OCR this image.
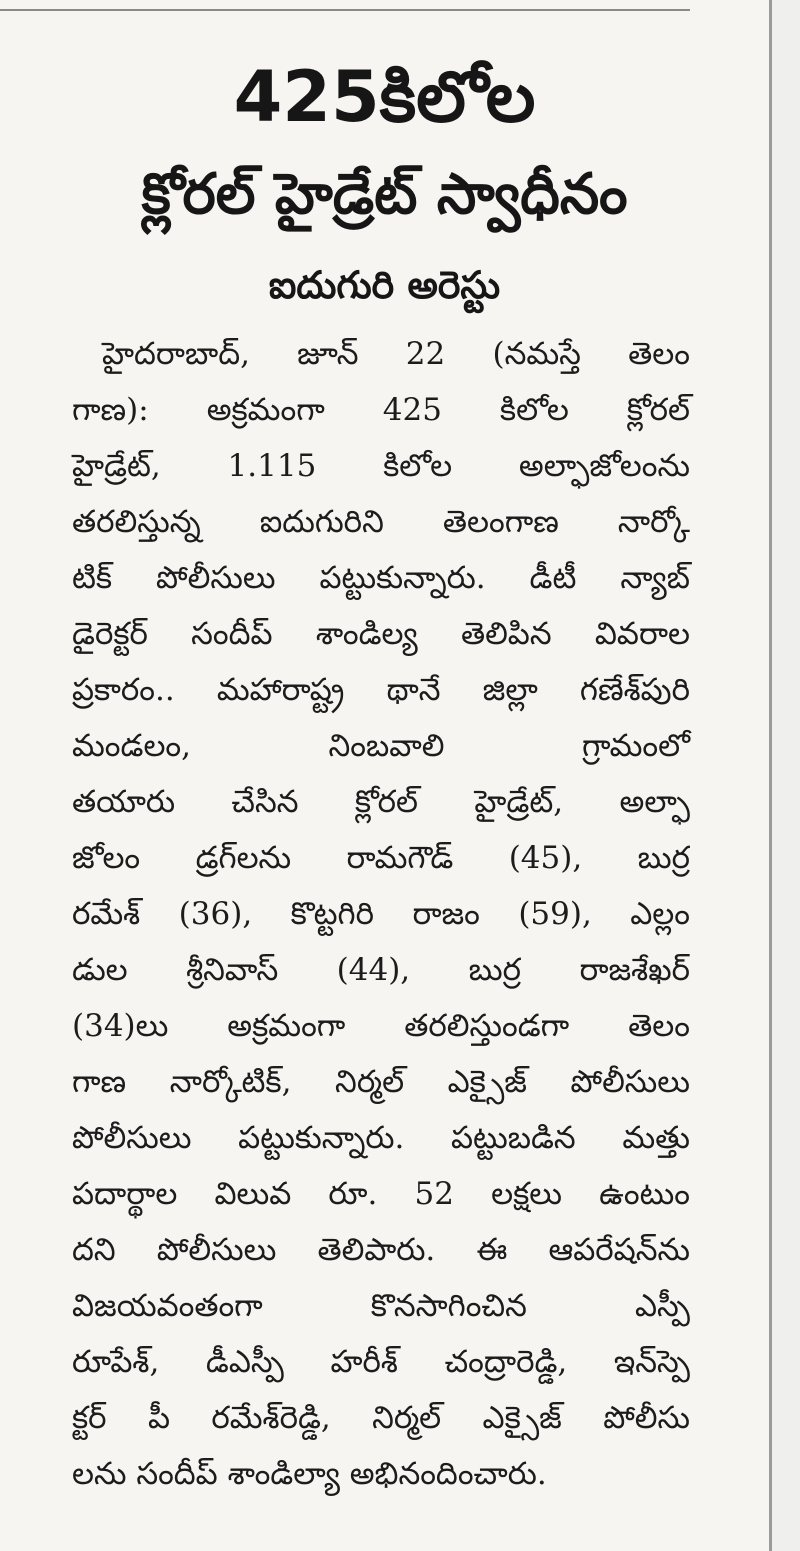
425కిలోల
క్లోరల్ హైడ్రేట్ స్వాధీనం
ఐదుగురి అరెస్టు
హైదరాబాద్, జూన్ 22 (నమస్తే తెలం
గాణ): అక్రమంగా 425 కిలోల క్లోరల్
హైడ్రేట్, 1.115 కిలోల అల్ఫాజోలంను
తరలిస్తున్న ఐదుగురిని తెలంగాణ నార్కో
టిక్ పోలీసులు పట్టుకున్నారు. డీటీ న్యాబ్
డైరెక్టర్ సందీప్ శాండిల్య తెలిపిన వివరాల
ప్రకారం.. మహారాష్ట్ర థానే జిల్లా గణేశ్‌పురి
మండలం, నింబవాలి గ్రామంలో
తయారు చేసిన క్లోరల్ హైడ్రేట్, అల్ఫా
జోలం డ్రగ్‌లను రామగౌడ్ (45), బుర్ర
రమేశ్ (36), కొట్టగిరి రాజం (59), ఎల్లం
డుల శ్రీనివాస్ (44), బుర్ర రాజశేఖర్
(34)లు అక్రమంగా తరలిస్తుండగా తెలం
గాణ నార్కోటిక్, నిర్మల్ ఎక్సైజ్ పోలీసులు
పోలీసులు పట్టుకున్నారు. పట్టుబడిన మత్తు
పదార్థాల విలువ రూ. 52 లక్షలు ఉంటుం
దని పోలీసులు తెలిపారు. ఈ ఆపరేషన్‌ను
విజయవంతంగా కొనసాగించిన ఎస్పీ
రూపేశ్, డీఎస్పీ హరీశ్ చంద్రారెడ్డి, ఇన్‌స్పె
క్టర్ పీ రమేశ్‌రెడ్డి, నిర్మల్ ఎక్సైజ్ పోలీసు
లను సందీప్ శాండిల్యా అభినందించారు.
